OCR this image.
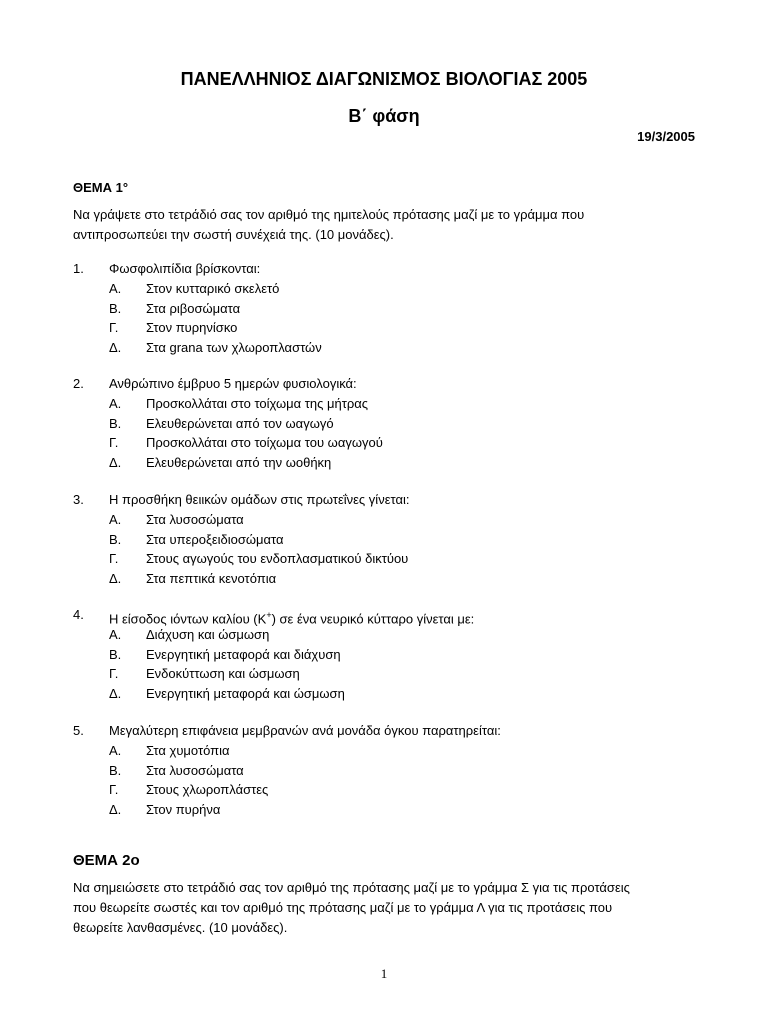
ΠΑΝΕΛΛΗΝΙΟΣ ΔΙΑΓΩΝΙΣΜΟΣ ΒΙΟΛΟΓΙΑΣ 2005
Β΄ φάση
19/3/2005
ΘΕΜΑ 1°
Να γράψετε στο τετράδιό σας τον αριθμό της ημιτελούς πρότασης μαζί με το γράμμα που
αντιπροσωπεύει την σωστή συνέχειά της. (10 μονάδες).
1. Φωσφολιπίδια βρίσκονται:
Α. Στον κυτταρικό σκελετό
Β. Στα ριβοσώματα
Γ. Στον πυρηνίσκο
Δ. Στα grana των χλωροπλαστών
2. Ανθρώπινο έμβρυο 5 ημερών φυσιολογικά:
Α. Προσκολλάται στο τοίχωμα της μήτρας
Β. Ελευθερώνεται από τον ωαγωγό
Γ. Προσκολλάται στο τοίχωμα του ωαγωγού
Δ. Ελευθερώνεται από την ωοθήκη
3. Η προσθήκη θειικών ομάδων στις πρωτεΐνες γίνεται:
Α. Στα λυσοσώματα
Β. Στα υπεροξειδιοσώματα
Γ. Στους αγωγούς του ενδοπλασματικού δικτύου
Δ. Στα πεπτικά κενοτόπια
4. Η είσοδος ιόντων καλίου (Κ+) σε ένα νευρικό κύτταρο γίνεται με:
Α. Διάχυση και ώσμωση
Β. Ενεργητική μεταφορά και διάχυση
Γ. Ενδοκύττωση και ώσμωση
Δ. Ενεργητική μεταφορά και ώσμωση
5. Μεγαλύτερη επιφάνεια μεμβρανών ανά μονάδα όγκου παρατηρείται:
Α. Στα χυμοτόπια
Β. Στα λυσοσώματα
Γ. Στους χλωροπλάστες
Δ. Στον πυρήνα
ΘΕΜΑ 2ο
Να σημειώσετε στο τετράδιό σας τον αριθμό της πρότασης μαζί με το γράμμα Σ για τις προτάσεις
που θεωρείτε σωστές και τον αριθμό της πρότασης μαζί με το γράμμα Λ για τις προτάσεις που
θεωρείτε λανθασμένες. (10 μονάδες).
1
